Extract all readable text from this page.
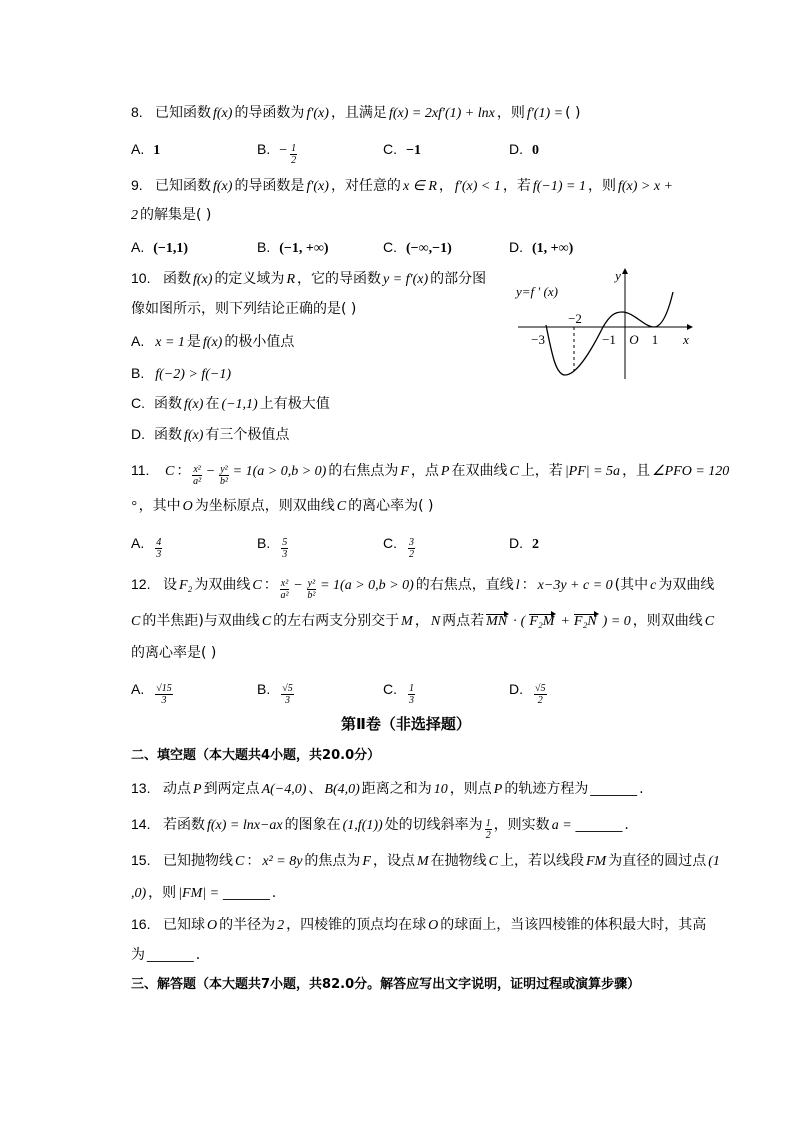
8. 已知函数 f(x) 的导函数为 f′(x) ，且满足 f(x) = 2xf′(1) + lnx ，则 f′(1) = ( )
A. 1	B. − $\frac{1}{2}$	C. −1	D. 0
9. 已知函数 f(x) 的导函数是 f′(x) ，对任意的 x ∈ R ， f′(x) < 1 ，若 f(−1) = 1 ，则 f(x) > x +
2 的解集是( )
A. (−1,1)	B. (−1, +∞)	C. (−∞,−1)	D. (1, +∞)
10. 函数 f(x) 的定义域为 R ，它的导函数 y = f′(x) 的部分图
像如图所示，则下列结论正确的是( )
A. x = 1 是 f(x) 的极小值点
B. f(−2) > f(−1)
C. 函数 f(x) 在 (−1,1) 上有极大值
D. 函数 f(x) 有三个极值点
y=f ′ (x)
−3
−2
−1 O 1 x
y
11. C ： $\frac{\text{x²}}{\text{a²}} - \frac{\text{y²}}{\text{b²}} = 1(a > 0,b > 0)$ 的右焦点为 F ，点 P 在双曲线 C 上，若 |PF| = 5a ，且 ∠PFO = 120
° ，其中 O 为坐标原点，则双曲线 C 的离心率为( )
A. $\frac{4}{3}$	B. $\frac{5}{3}$	C. $\frac{3}{2}$	D. 2
12. 设 F₂ 为双曲线 C ： $\frac{\text{x²}}{\text{a²}} - \frac{\text{y²}}{\text{b²}} = 1(a > 0,b > 0)$ 的右焦点，直线 l ： x−3y + c = 0 (其中 c 为双曲线
C 的半焦距)与双曲线 C 的左右两支分别交于 M ， N 两点若 MN · ( F₂M + F₂N ) = 0 ，则双曲线 C
的离心率是( )
A. $\frac{√15}{3}$	B. $\frac{√5}{3}$	C. $\frac{1}{3}$	D. $\frac{√5}{2}$
第Ⅱ卷（非选择题）
二、填空题（本大题共4小题，共20.0分）
13. 动点 P 到两定点 A(−4,0) 、 B(4,0) 距离之和为 10 ，则点 P 的轨迹方程为 ______ .
14. 若函数 f(x) = lnx−ax 的图象在 (1,f(1)) 处的切线斜率为 $\frac{1}{2}$ ，则实数 a = ______ .
15. 已知抛物线 C ： x² = 8y 的焦点为 F ，设点 M 在抛物线 C 上，若以线段 FM 为直径的圆过点 (1
,0) ，则 |FM| = ______ .
16. 已知球 O 的半径为 2 ，四棱锥的顶点均在球 O 的球面上，当该四棱锥的体积最大时，其高
为 ______ .
三、解答题（本大题共7小题，共82.0分。解答应写出文字说明，证明过程或演算步骤）
